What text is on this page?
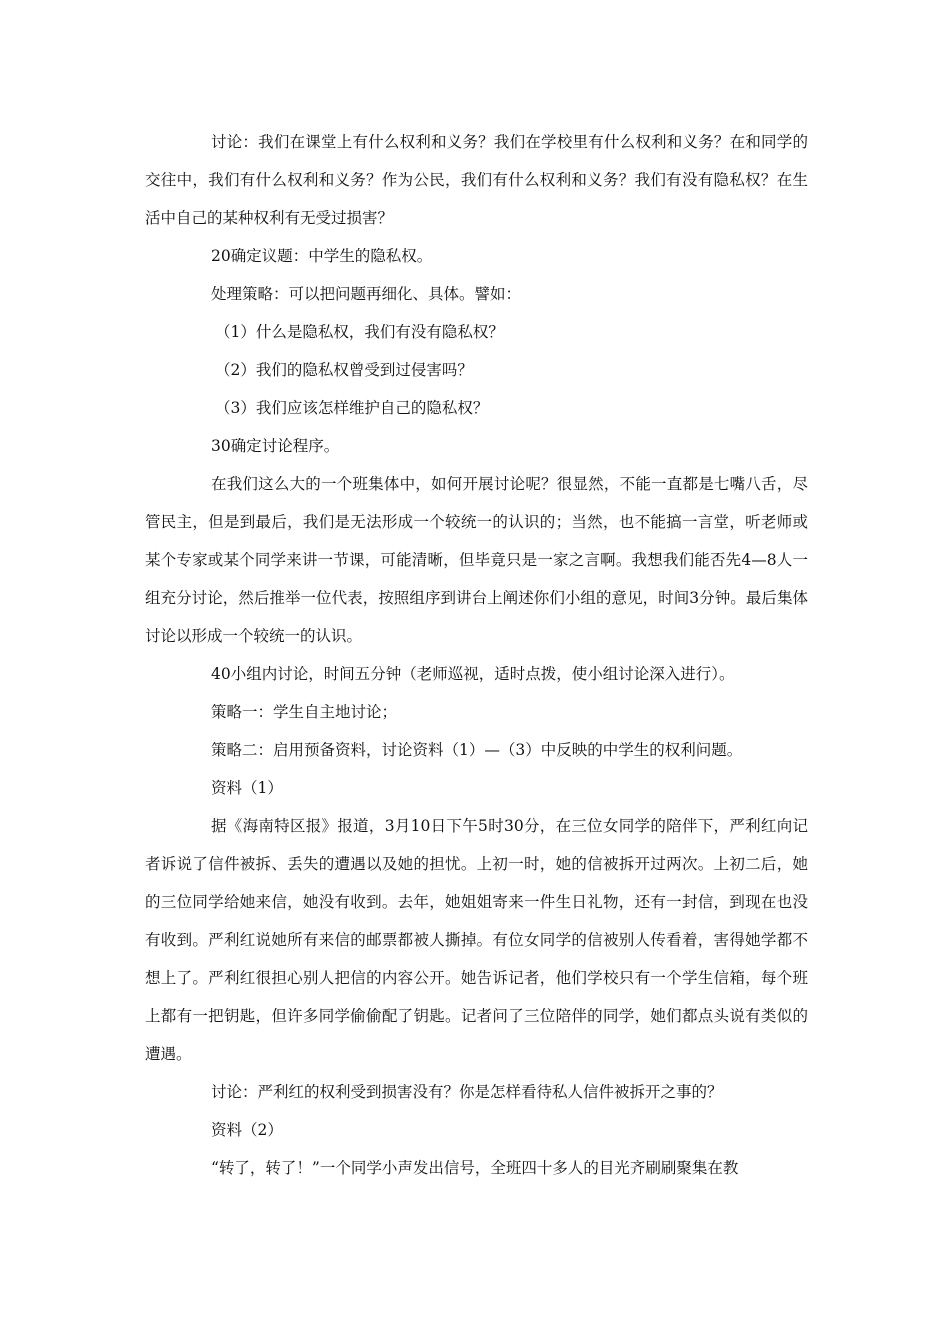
讨论：我们在课堂上有什么权利和义务？我们在学校里有什么权利和义务？在和同学的交往中，我们有什么权利和义务？作为公民，我们有什么权利和义务？我们有没有隐私权？在生活中自己的某种权利有无受过损害？

20确定议题：中学生的隐私权。

处理策略：可以把问题再细化、具体。譬如：

（1）什么是隐私权，我们有没有隐私权？

（2）我们的隐私权曾受到过侵害吗？

（3）我们应该怎样维护自己的隐私权？

30确定讨论程序。

在我们这么大的一个班集体中，如何开展讨论呢？很显然，不能一直都是七嘴八舌，尽管民主，但是到最后，我们是无法形成一个较统一的认识的；当然，也不能搞一言堂，听老师或某个专家或某个同学来讲一节课，可能清晰，但毕竟只是一家之言啊。我想我们能否先4—8人一组充分讨论，然后推举一位代表，按照组序到讲台上阐述你们小组的意见，时间3分钟。最后集体讨论以形成一个较统一的认识。

40小组内讨论，时间五分钟（老师巡视，适时点拨，使小组讨论深入进行）。

策略一：学生自主地讨论；

策略二：启用预备资料，讨论资料（1）—（3）中反映的中学生的权利问题。

资料（1）

据《海南特区报》报道，3月10日下午5时30分，在三位女同学的陪伴下，严利红向记者诉说了信件被拆、丢失的遭遇以及她的担忧。上初一时，她的信被拆开过两次。上初二后，她的三位同学给她来信，她没有收到。去年，她姐姐寄来一件生日礼物，还有一封信，到现在也没有收到。严利红说她所有来信的邮票都被人撕掉。有位女同学的信被别人传看着，害得她学都不想上了。严利红很担心别人把信的内容公开。她告诉记者，他们学校只有一个学生信箱，每个班上都有一把钥匙，但许多同学偷偷配了钥匙。记者问了三位陪伴的同学，她们都点头说有类似的遭遇。

讨论：严利红的权利受到损害没有？你是怎样看待私人信件被拆开之事的？

资料（2）

“转了，转了！”一个同学小声发出信号，全班四十多人的目光齐刷刷聚集在教
